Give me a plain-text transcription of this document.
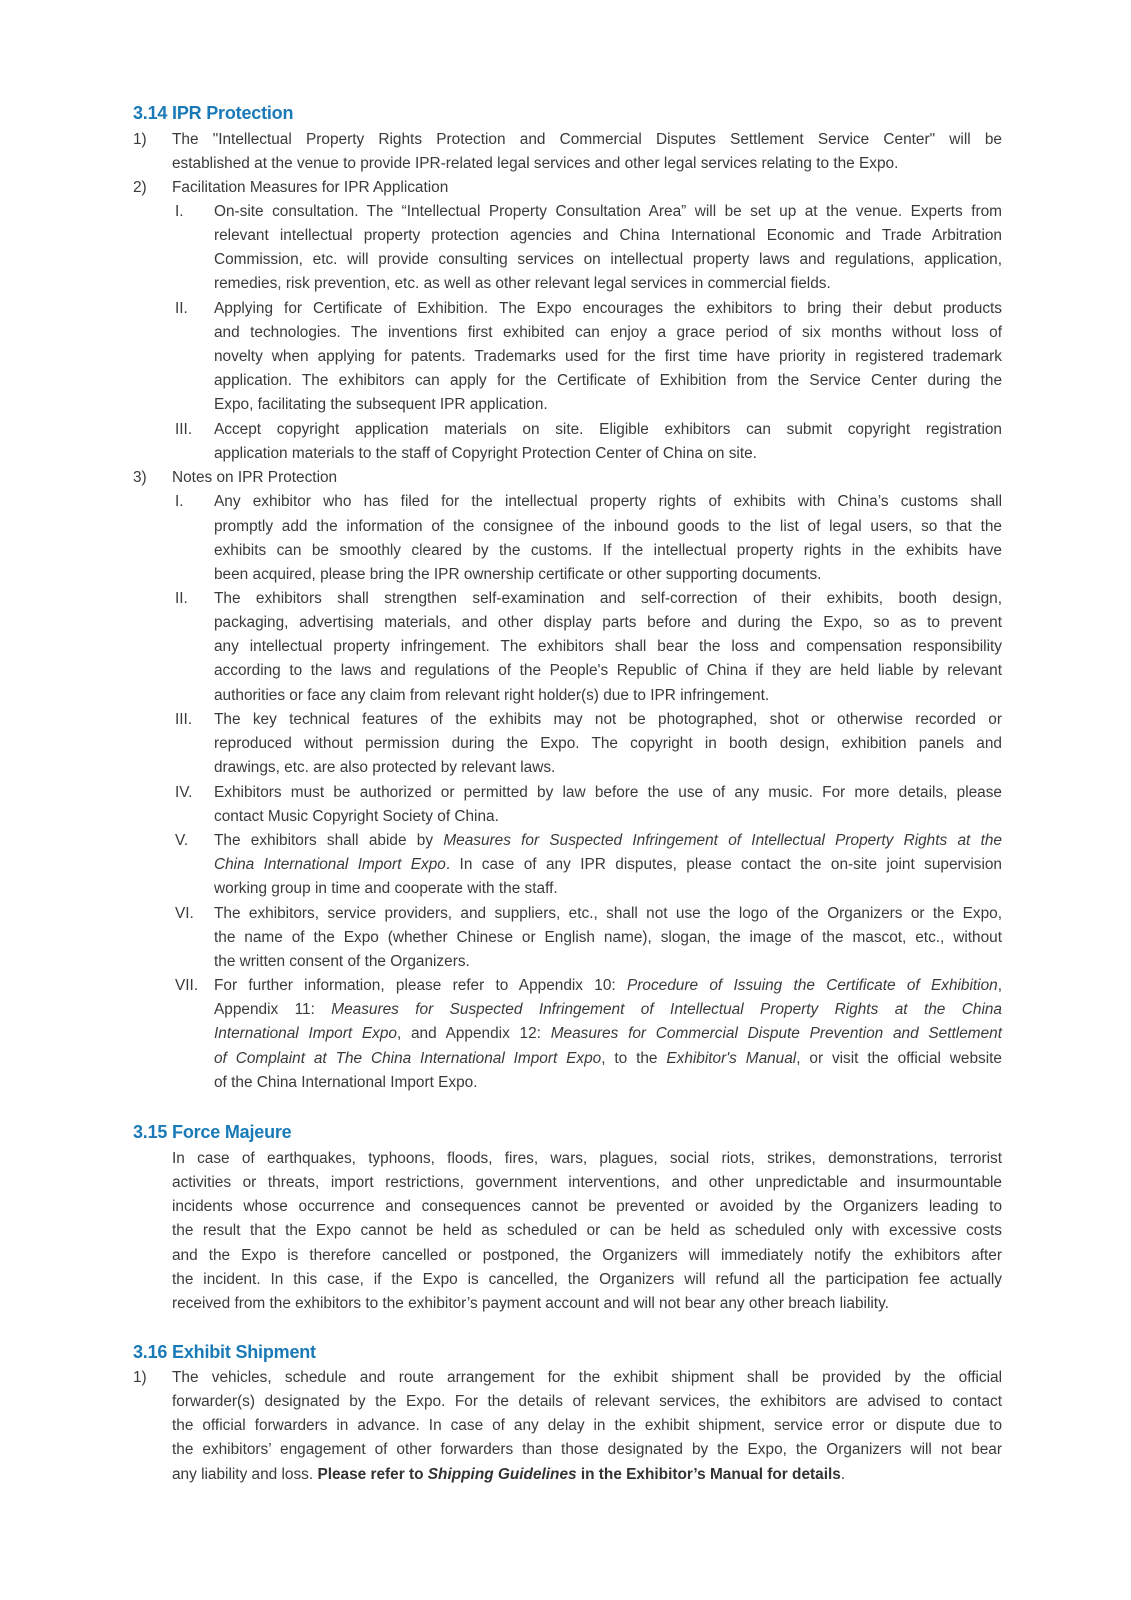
3.14 IPR Protection
1) The "Intellectual Property Rights Protection and Commercial Disputes Settlement Service Center" will be
established at the venue to provide IPR-related legal services and other legal services relating to the Expo.
2) Facilitation Measures for IPR Application
I. On-site consultation. The “Intellectual Property Consultation Area” will be set up at the venue. Experts from
relevant intellectual property protection agencies and China International Economic and Trade Arbitration
Commission, etc. will provide consulting services on intellectual property laws and regulations, application,
remedies, risk prevention, etc. as well as other relevant legal services in commercial fields.
II. Applying for Certificate of Exhibition. The Expo encourages the exhibitors to bring their debut products
and technologies. The inventions first exhibited can enjoy a grace period of six months without loss of
novelty when applying for patents. Trademarks used for the first time have priority in registered trademark
application. The exhibitors can apply for the Certificate of Exhibition from the Service Center during the
Expo, facilitating the subsequent IPR application.
III. Accept copyright application materials on site. Eligible exhibitors can submit copyright registration
application materials to the staff of Copyright Protection Center of China on site.
3) Notes on IPR Protection
I. Any exhibitor who has filed for the intellectual property rights of exhibits with China’s customs shall
promptly add the information of the consignee of the inbound goods to the list of legal users, so that the
exhibits can be smoothly cleared by the customs. If the intellectual property rights in the exhibits have
been acquired, please bring the IPR ownership certificate or other supporting documents.
II. The exhibitors shall strengthen self-examination and self-correction of their exhibits, booth design,
packaging, advertising materials, and other display parts before and during the Expo, so as to prevent
any intellectual property infringement. The exhibitors shall bear the loss and compensation responsibility
according to the laws and regulations of the People's Republic of China if they are held liable by relevant
authorities or face any claim from relevant right holder(s) due to IPR infringement.
III. The key technical features of the exhibits may not be photographed, shot or otherwise recorded or
reproduced without permission during the Expo. The copyright in booth design, exhibition panels and
drawings, etc. are also protected by relevant laws.
IV. Exhibitors must be authorized or permitted by law before the use of any music. For more details, please
contact Music Copyright Society of China.
V. The exhibitors shall abide by Measures for Suspected Infringement of Intellectual Property Rights at the
China International Import Expo. In case of any IPR disputes, please contact the on-site joint supervision
working group in time and cooperate with the staff.
VI. The exhibitors, service providers, and suppliers, etc., shall not use the logo of the Organizers or the Expo,
the name of the Expo (whether Chinese or English name), slogan, the image of the mascot, etc., without
the written consent of the Organizers.
VII. For further information, please refer to Appendix 10: Procedure of Issuing the Certificate of Exhibition,
Appendix 11: Measures for Suspected Infringement of Intellectual Property Rights at the China
International Import Expo, and Appendix 12: Measures for Commercial Dispute Prevention and Settlement
of Complaint at The China International Import Expo, to the Exhibitor's Manual, or visit the official website
of the China International Import Expo.
3.15 Force Majeure
In case of earthquakes, typhoons, floods, fires, wars, plagues, social riots, strikes, demonstrations, terrorist
activities or threats, import restrictions, government interventions, and other unpredictable and insurmountable
incidents whose occurrence and consequences cannot be prevented or avoided by the Organizers leading to
the result that the Expo cannot be held as scheduled or can be held as scheduled only with excessive costs
and the Expo is therefore cancelled or postponed, the Organizers will immediately notify the exhibitors after
the incident. In this case, if the Expo is cancelled, the Organizers will refund all the participation fee actually
received from the exhibitors to the exhibitor’s payment account and will not bear any other breach liability.
3.16 Exhibit Shipment
1) The vehicles, schedule and route arrangement for the exhibit shipment shall be provided by the official
forwarder(s) designated by the Expo. For the details of relevant services, the exhibitors are advised to contact
the official forwarders in advance. In case of any delay in the exhibit shipment, service error or dispute due to
the exhibitors’ engagement of other forwarders than those designated by the Expo, the Organizers will not bear
any liability and loss. Please refer to Shipping Guidelines in the Exhibitor’s Manual for details.
